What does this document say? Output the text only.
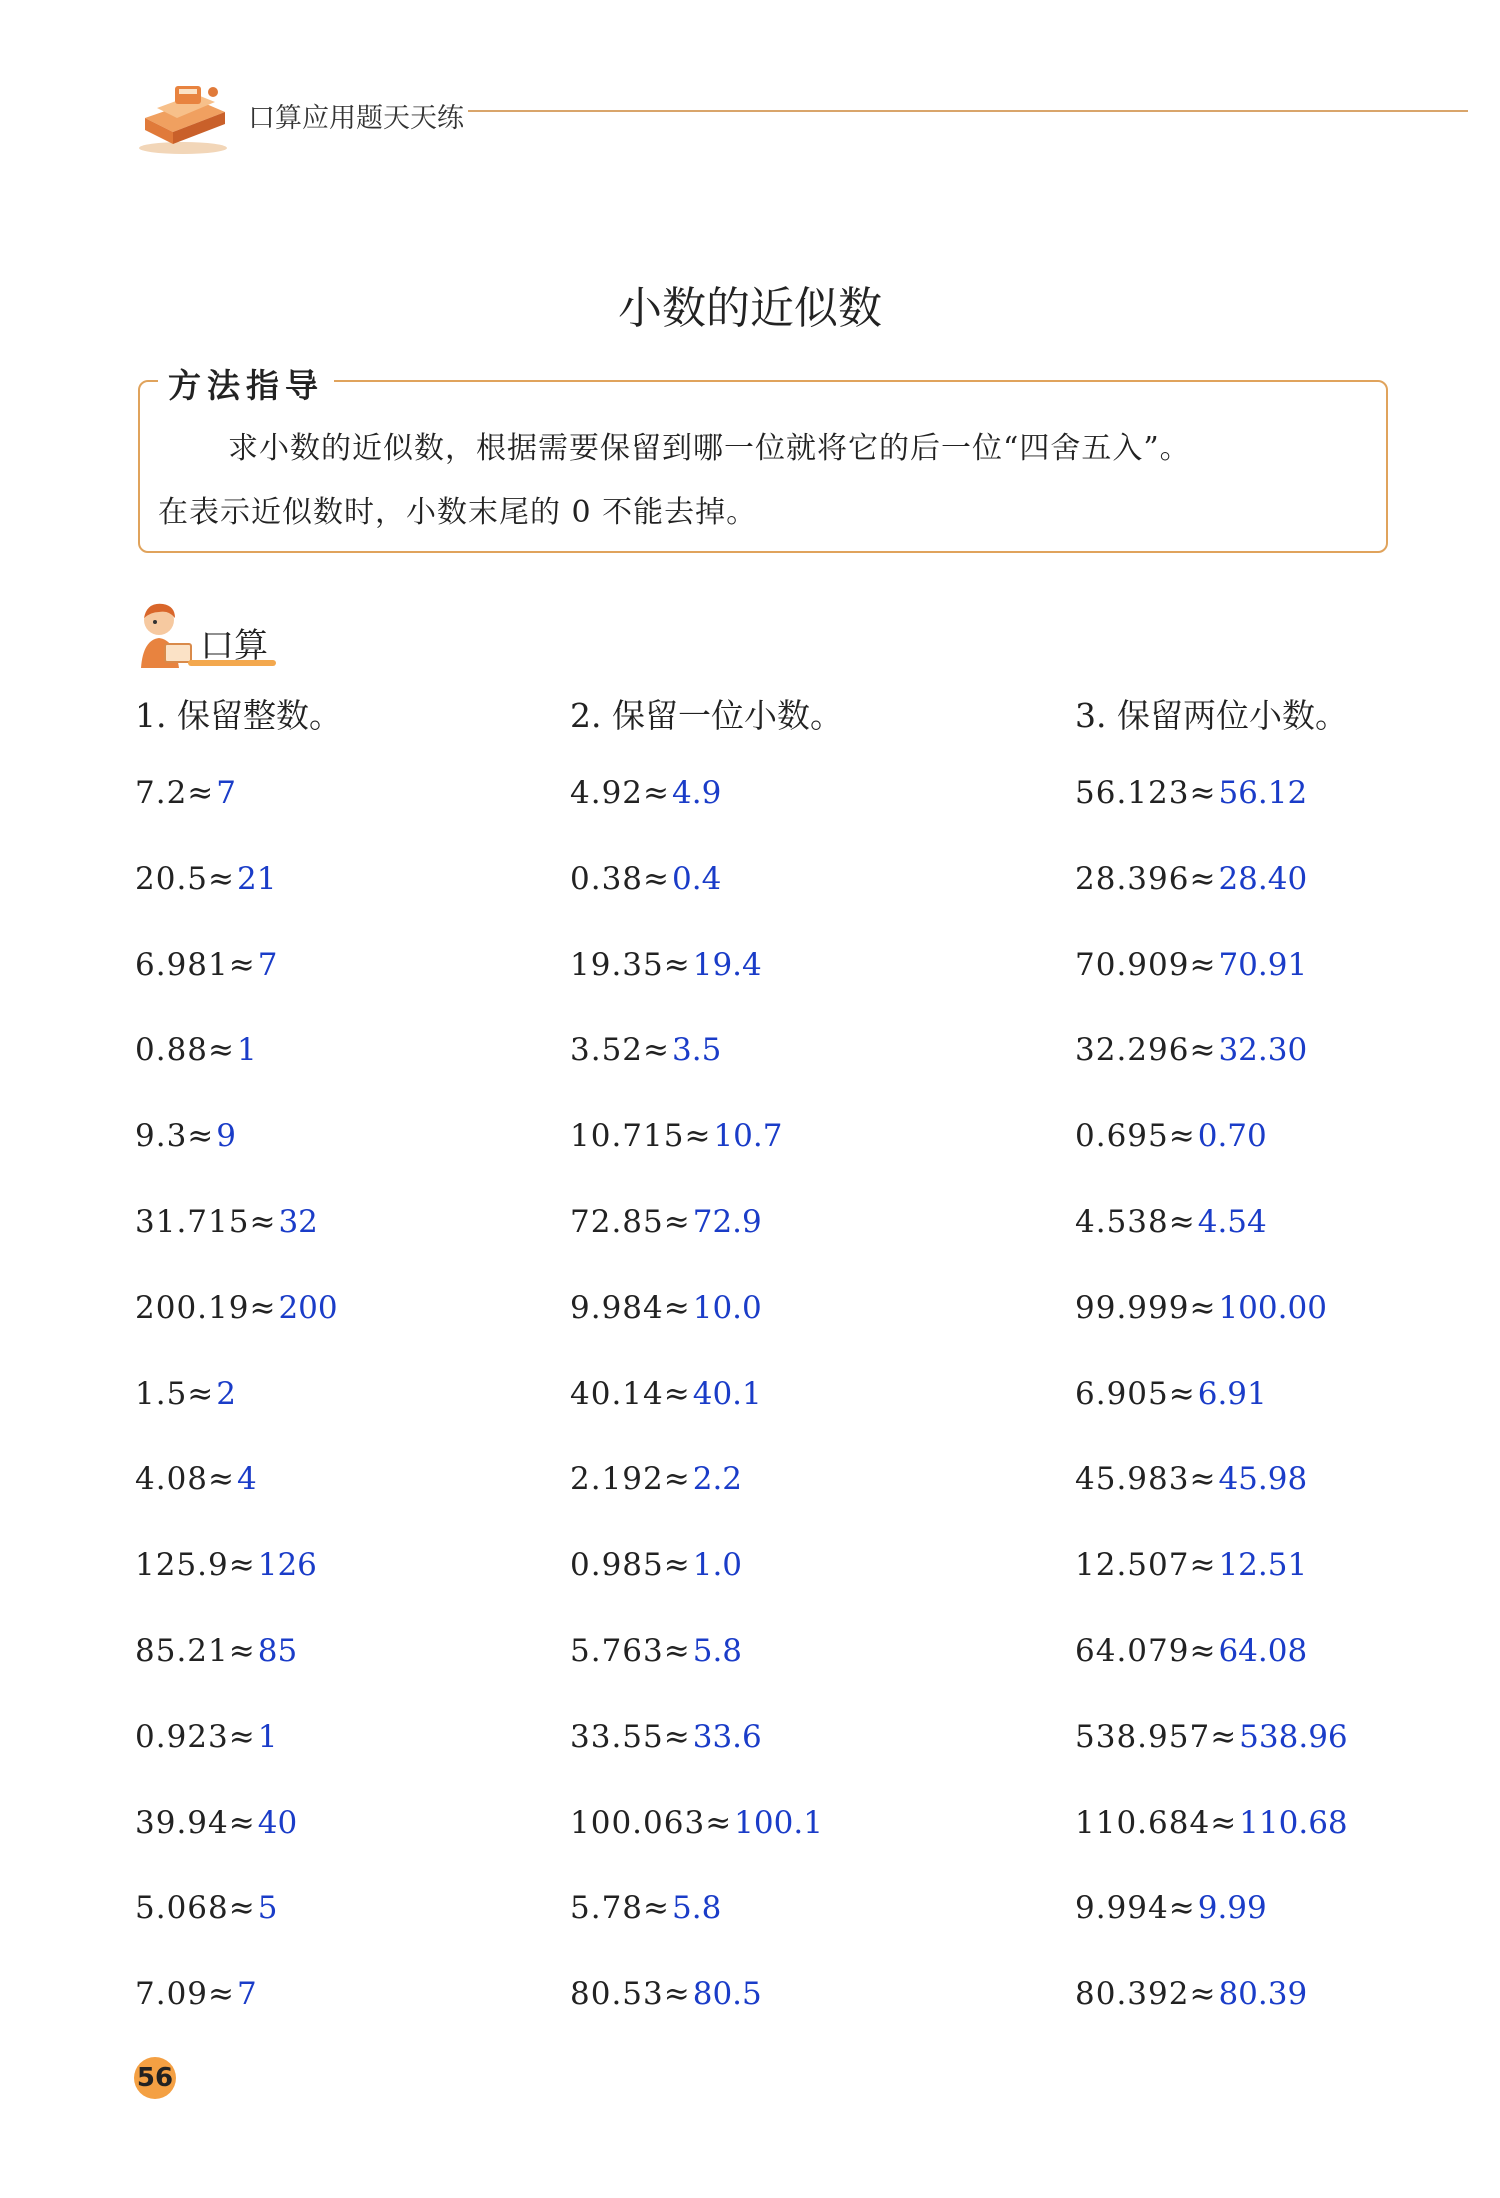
口算应用题天天练
小数的近似数
方法指导
求小数的近似数，根据需要保留到哪一位就将它的后一位“四舍五入”。
在表示近似数时，小数末尾的 0 不能去掉。
口算
1. 保留整数。	2. 保留一位小数。	3. 保留两位小数。
7.2≈7
20.5≈21
6.981≈7
0.88≈1
9.3≈9
31.715≈32
200.19≈200
1.5≈2
4.08≈4
125.9≈126
85.21≈85
0.923≈1
39.94≈40
5.068≈5
7.09≈7
4.92≈4.9
0.38≈0.4
19.35≈19.4
3.52≈3.5
10.715≈10.7
72.85≈72.9
9.984≈10.0
40.14≈40.1
2.192≈2.2
0.985≈1.0
5.763≈5.8
33.55≈33.6
100.063≈100.1
5.78≈5.8
80.53≈80.5
56.123≈56.12
28.396≈28.40
70.909≈70.91
32.296≈32.30
0.695≈0.70
4.538≈4.54
99.999≈100.00
6.905≈6.91
45.983≈45.98
12.507≈12.51
64.079≈64.08
538.957≈538.96
110.684≈110.68
9.994≈9.99
80.392≈80.39
56
